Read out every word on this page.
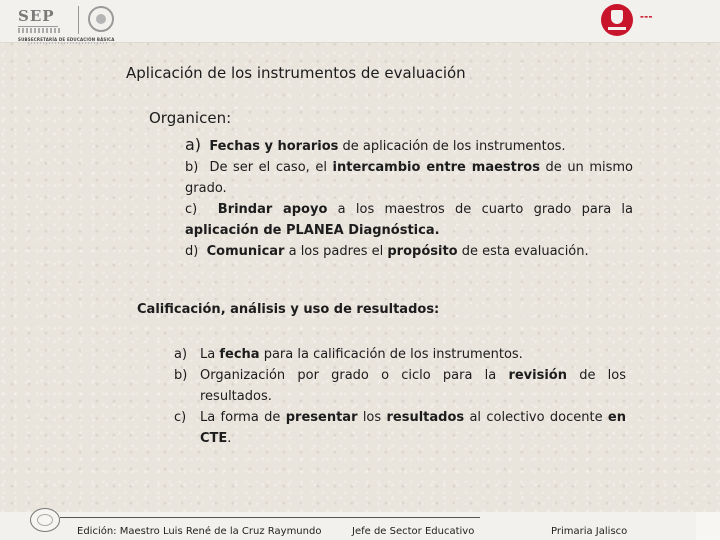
SEP
SUBSECRETARÍA DE EDUCACIÓN BÁSICA
▬▬▬
Aplicación de los instrumentos de evaluación
Organicen:

a) Fechas y horarios de aplicación de los instrumentos.

b) De ser el caso, el intercambio entre maestros de un mismo grado.

c) Brindar apoyo a los maestros de cuarto grado para la aplicación de PLANEA Diagnóstica.

d) Comunicar a los padres el propósito de esta evaluación.

Calificación, análisis y uso de resultados:
a) La fecha para la calificación de los instrumentos.
b) Organización por grado o ciclo para la revisión de los resultados.
c)	La forma de presentar los resultados al colectivo docente en CTE.
Edición: Maestro Luis René de la Cruz Raymundo	Jefe de Sector Educativo	Primaria Jalisco
